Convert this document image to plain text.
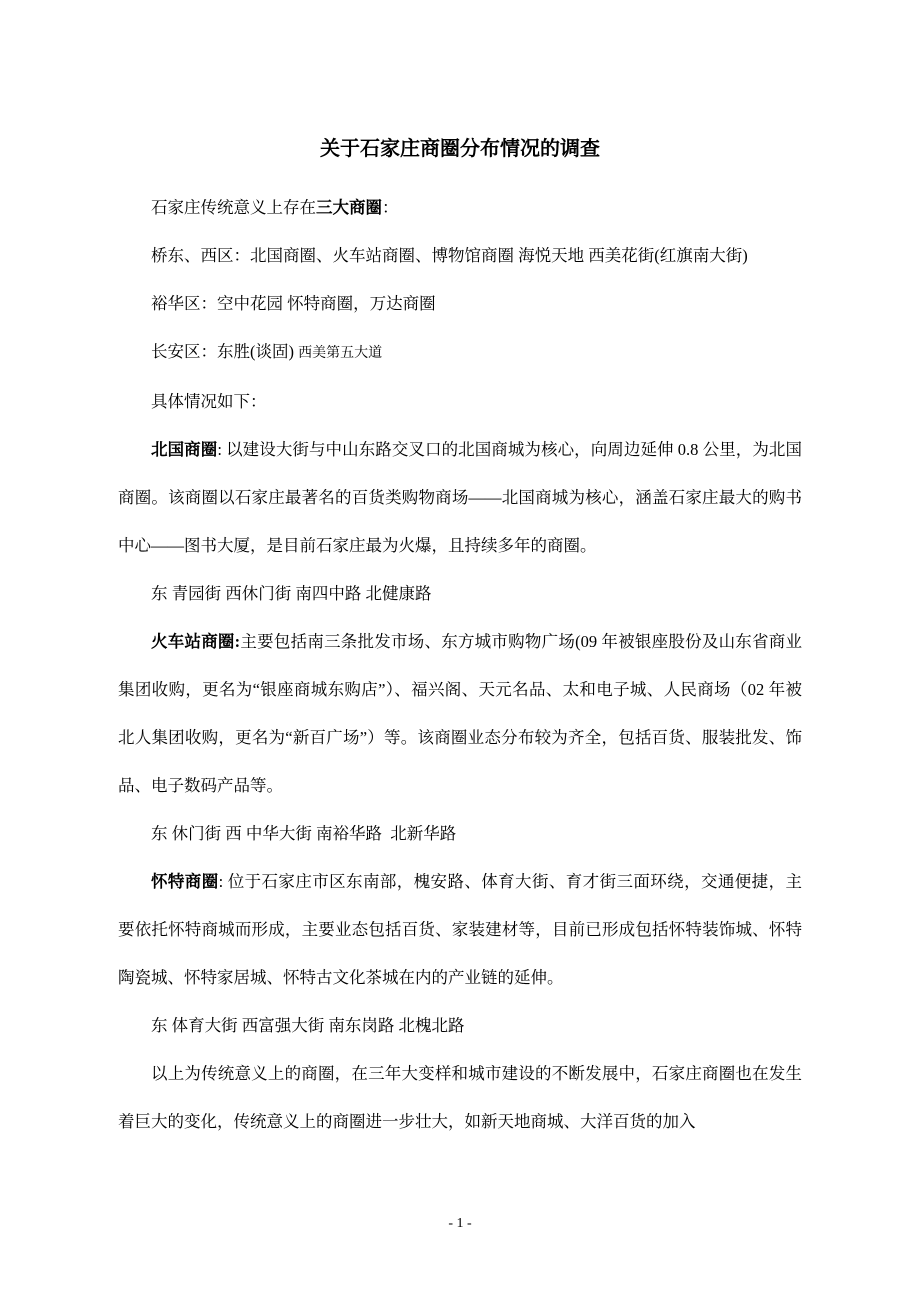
关于石家庄商圈分布情况的调查

石家庄传统意义上存在三大商圈：

桥东、西区：北国商圈、火车站商圈、博物馆商圈 海悦天地 西美花街(红旗南大街)

裕华区：空中花园 怀特商圈，万达商圈

长安区：东胜(谈固) 西美第五大道

具体情况如下：

北国商圈: 以建设大街与中山东路交叉口的北国商城为核心，向周边延伸 0.8 公里，为北国商圈。该商圈以石家庄最著名的百货类购物商场——北国商城为核心，涵盖石家庄最大的购书中心——图书大厦，是目前石家庄最为火爆，且持续多年的商圈。

东 青园街 西休门街 南四中路 北健康路

火车站商圈:主要包括南三条批发市场、东方城市购物广场(09 年被银座股份及山东省商业集团收购，更名为“银座商城东购店”）、福兴阁、天元名品、太和电子城、人民商场（02 年被北人集团收购，更名为“新百广场”）等。该商圈业态分布较为齐全，包括百货、服装批发、饰品、电子数码产品等。

东 休门街 西 中华大街 南裕华路  北新华路

怀特商圈: 位于石家庄市区东南部，槐安路、体育大街、育才街三面环绕，交通便捷，主要依托怀特商城而形成，主要业态包括百货、家装建材等，目前已形成包括怀特装饰城、怀特陶瓷城、怀特家居城、怀特古文化茶城在内的产业链的延伸。

东 体育大街 西富强大街 南东岗路 北槐北路

以上为传统意义上的商圈，在三年大变样和城市建设的不断发展中，石家庄商圈也在发生着巨大的变化，传统意义上的商圈进一步壮大，如新天地商城、大洋百货的加入

- 1 -
